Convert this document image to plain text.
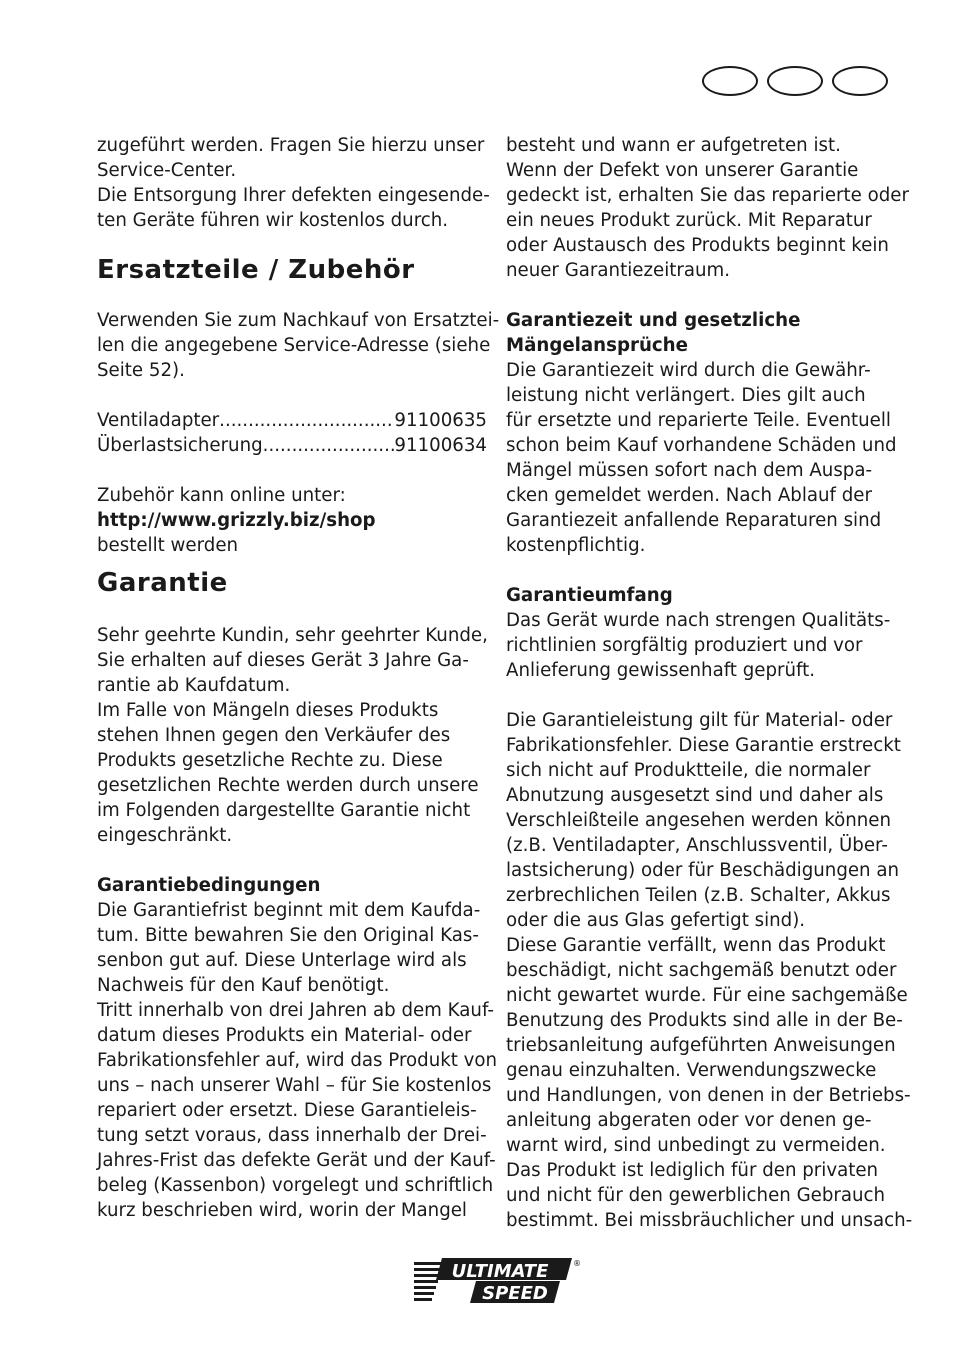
zugeführt werden. Fragen Sie hierzu unser
Service-Center.
Die Entsorgung Ihrer defekten eingesende-
ten Geräte führen wir kostenlos durch.
Ersatzteile / Zubehör
Verwenden Sie zum Nachkauf von Ersatztei-
len die angegebene Service-Adresse (siehe
Seite 52).
Ventiladapter .....	91100635
Überlastsicherung .....	91100634
Zubehör kann online unter:
http://www.grizzly.biz/shop
bestellt werden
Garantie
Sehr geehrte Kundin, sehr geehrter Kunde,
Sie erhalten auf dieses Gerät 3 Jahre Ga-
rantie ab Kaufdatum.
Im Falle von Mängeln dieses Produkts
stehen Ihnen gegen den Verkäufer des
Produkts gesetzliche Rechte zu. Diese
gesetzlichen Rechte werden durch unsere
im Folgenden dargestellte Garantie nicht
eingeschränkt.
Garantiebedingungen
Die Garantiefrist beginnt mit dem Kaufda-
tum. Bitte bewahren Sie den Original Kas-
senbon gut auf. Diese Unterlage wird als
Nachweis für den Kauf benötigt.
Tritt innerhalb von drei Jahren ab dem Kauf-
datum dieses Produkts ein Material- oder
Fabrikationsfehler auf, wird das Produkt von
uns – nach unserer Wahl – für Sie kostenlos
repariert oder ersetzt. Diese Garantieleis-
tung setzt voraus, dass innerhalb der Drei-
Jahres-Frist das defekte Gerät und der Kauf-
beleg (Kassenbon) vorgelegt und schriftlich
kurz beschrieben wird, worin der Mangel
besteht und wann er aufgetreten ist.
Wenn der Defekt von unserer Garantie
gedeckt ist, erhalten Sie das reparierte oder
ein neues Produkt zurück. Mit Reparatur
oder Austausch des Produkts beginnt kein
neuer Garantiezeitraum.
Garantiezeit und gesetzliche
Mängelansprüche
Die Garantiezeit wird durch die Gewähr-
leistung nicht verlängert. Dies gilt auch
für ersetzte und reparierte Teile. Eventuell
schon beim Kauf vorhandene Schäden und
Mängel müssen sofort nach dem Auspa-
cken gemeldet werden. Nach Ablauf der
Garantiezeit anfallende Reparaturen sind
kostenpflichtig.
Garantieumfang
Das Gerät wurde nach strengen Qualitäts-
richtlinien sorgfältig produziert und vor
Anlieferung gewissenhaft geprüft.
Die Garantieleistung gilt für Material- oder
Fabrikationsfehler. Diese Garantie erstreckt
sich nicht auf Produktteile, die normaler
Abnutzung ausgesetzt sind und daher als
Verschleißteile angesehen werden können
(z.B. Ventiladapter, Anschlussventil, Über-
lastsicherung) oder für Beschädigungen an
zerbrechlichen Teilen (z.B. Schalter, Akkus
oder die aus Glas gefertigt sind).
Diese Garantie verfällt, wenn das Produkt
beschädigt, nicht sachgemäß benutzt oder
nicht gewartet wurde. Für eine sachgemäße
Benutzung des Produkts sind alle in der Be-
triebsanleitung aufgeführten Anweisungen
genau einzuhalten. Verwendungszwecke
und Handlungen, von denen in der Betriebs-
anleitung abgeraten oder vor denen ge-
warnt wird, sind unbedingt zu vermeiden.
Das Produkt ist lediglich für den privaten
und nicht für den gewerblichen Gebrauch
bestimmt. Bei missbräuchlicher und unsach-
ULTIMATE
SPEED
®
